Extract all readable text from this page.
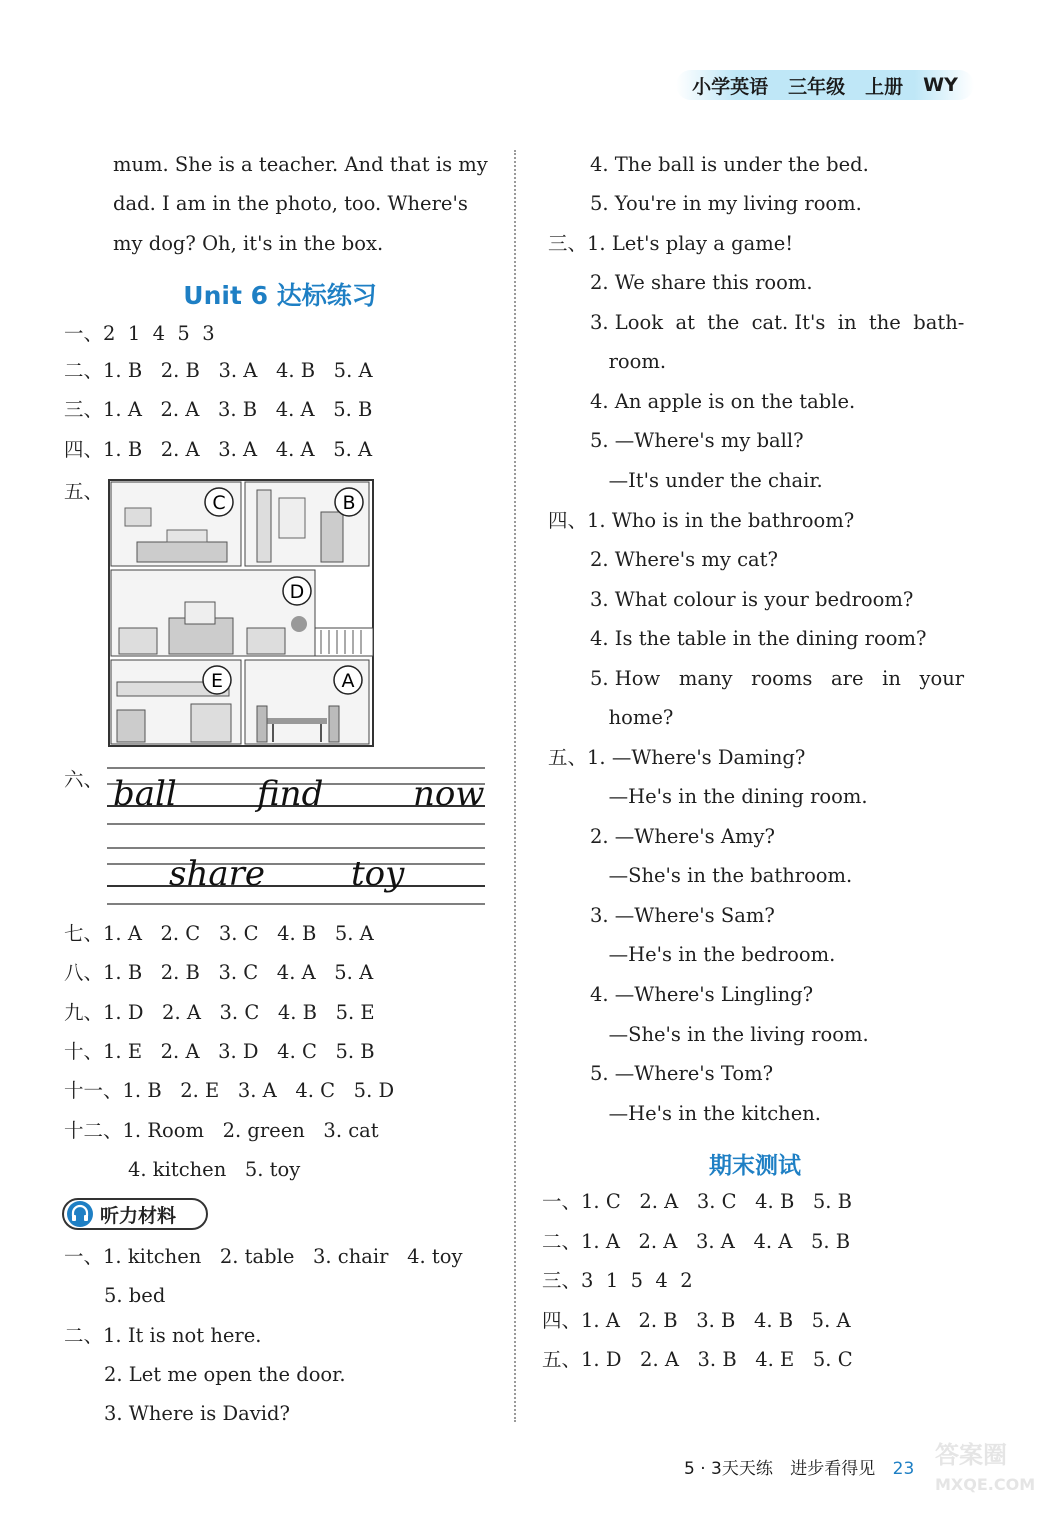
小学英语 三年级 上册 WY
mum. She is a teacher. And that is my
dad. I am in the photo, too. Where's
my dog? Oh, it's in the box.
Unit 6 达标练习
一、2  1  4  5  3
二、1. B   2. B   3. A   4. B   5. A
三、1. A   2. A   3. B   4. A   5. B
四、1. B   2. A   3. A   4. A   5. A
五、	C	B
D
E	A
六、 ball find	now
share	toy
七、1. A   2. C   3. C   4. B   5. A
八、1. B   2. B   3. C   4. A   5. A
九、1. D   2. A   3. C   4. B   5. E
十、1. E   2. A   3. D   4. C   5. B
十一、1. B   2. E   3. A   4. C   5. D
十二、1. Room   2. green   3. cat
4. kitchen   5. toy
听力材料
一、1. kitchen   2. table   3. chair   4. toy
5. bed
二、1. It is not here.
2. Let me open the door.
3. Where is David?
4. The ball is under the bed.
5. You're in my living room.
三、1. Let's play a game!
2. We share this room.
3. Look  at  the  cat. It's  in  the  bath-
room.
4. An apple is on the table.
5. —Where's my ball?
—It's under the chair.
四、1. Who is in the bathroom?
2. Where's my cat?
3. What colour is your bedroom?
4. Is the table in the dining room?
5. How   many   rooms   are   in   your
home?
五、1. —Where's Daming?
—He's in the dining room.
2. —Where's Amy?
—She's in the bathroom.
3. —Where's Sam?
—He's in the bedroom.
4. —Where's Lingling?
—She's in the living room.
5. —Where's Tom?
—He's in the kitchen.
期末测试
一、1. C   2. A   3. C   4. B   5. B
二、1. A   2. A   3. A   4. A   5. B
三、3  1  5  4  2
四、1. A   2. B   3. B   4. B   5. A
五、1. D   2. A   3. B   4. E   5. C
5 · 3天天练 进步看得见 23 答案圈
MXQE.COM
